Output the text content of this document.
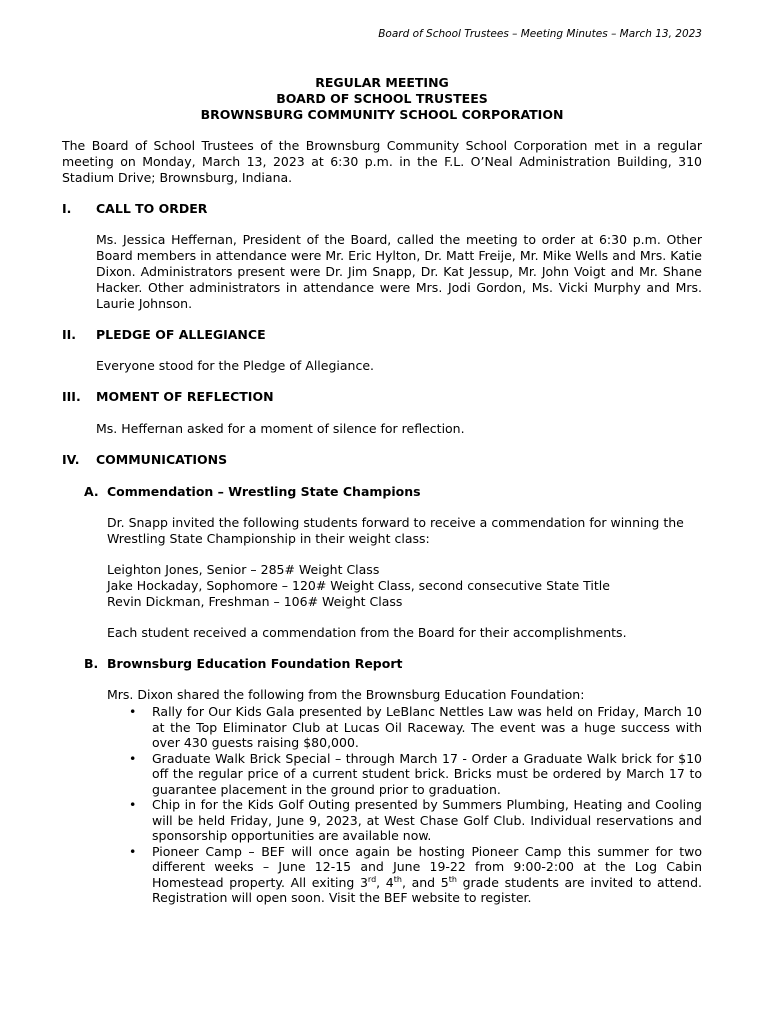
Board of School Trustees – Meeting Minutes – March 13, 2023
REGULAR MEETING
BOARD OF SCHOOL TRUSTEES
BROWNSBURG COMMUNITY SCHOOL CORPORATION
The Board of School Trustees of the Brownsburg Community School Corporation met in a regular meeting on Monday, March 13, 2023 at 6:30 p.m. in the F.L. O’Neal Administration Building, 310 Stadium Drive; Brownsburg, Indiana.
I. CALL TO ORDER
Ms. Jessica Heffernan, President of the Board, called the meeting to order at 6:30 p.m. Other Board members in attendance were Mr. Eric Hylton, Dr. Matt Freije, Mr. Mike Wells and Mrs. Katie Dixon. Administrators present were Dr. Jim Snapp, Dr. Kat Jessup, Mr. John Voigt and Mr. Shane Hacker. Other administrators in attendance were Mrs. Jodi Gordon, Ms. Vicki Murphy and Mrs. Laurie Johnson.
II. PLEDGE OF ALLEGIANCE
Everyone stood for the Pledge of Allegiance.
III. MOMENT OF REFLECTION
Ms. Heffernan asked for a moment of silence for reflection.
IV. COMMUNICATIONS
A. Commendation – Wrestling State Champions
Dr. Snapp invited the following students forward to receive a commendation for winning the Wrestling State Championship in their weight class:
Leighton Jones, Senior – 285# Weight Class
Jake Hockaday, Sophomore – 120# Weight Class, second consecutive State Title
Revin Dickman, Freshman – 106# Weight Class
Each student received a commendation from the Board for their accomplishments.
B. Brownsburg Education Foundation Report
Mrs. Dixon shared the following from the Brownsburg Education Foundation:
• Rally for Our Kids Gala presented by LeBlanc Nettles Law was held on Friday, March 10 at the Top Eliminator Club at Lucas Oil Raceway. The event was a huge success with over 430 guests raising $80,000.
• Graduate Walk Brick Special – through March 17 - Order a Graduate Walk brick for $10 off the regular price of a current student brick. Bricks must be ordered by March 17 to guarantee placement in the ground prior to graduation.
• Chip in for the Kids Golf Outing presented by Summers Plumbing, Heating and Cooling will be held Friday, June 9, 2023, at West Chase Golf Club. Individual reservations and sponsorship opportunities are available now.
• Pioneer Camp – BEF will once again be hosting Pioneer Camp this summer for two different weeks – June 12-15 and June 19-22 from 9:00-2:00 at the Log Cabin Homestead property. All exiting 3rd, 4th, and 5th grade students are invited to attend. Registration will open soon. Visit the BEF website to register.
